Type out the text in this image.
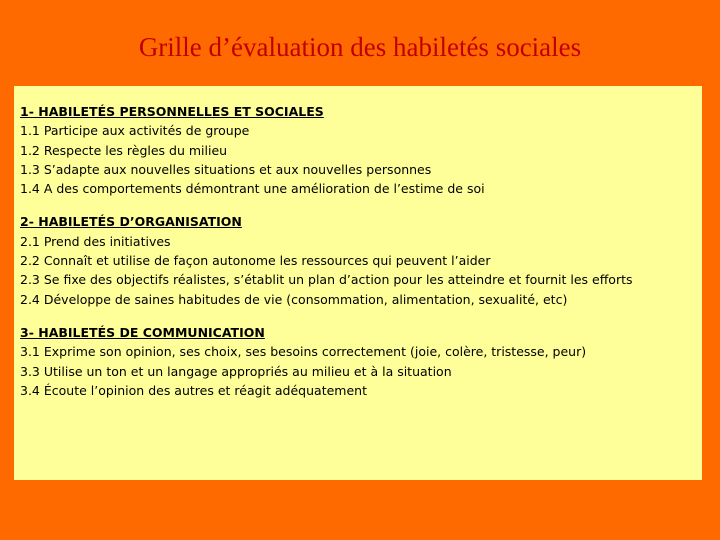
Grille d’évaluation des habiletés sociales
1- HABILETÉS PERSONNELLES ET SOCIALES
1.1 Participe aux activités de groupe
1.2 Respecte les règles du milieu
1.3 S’adapte aux nouvelles situations et aux nouvelles personnes
1.4 A des comportements démontrant une amélioration de l’estime de soi
2- HABILETÉS D’ORGANISATION
2.1 Prend des initiatives
2.2 Connaît et utilise de façon autonome les ressources qui peuvent l’aider
2.3 Se fixe des objectifs réalistes, s’établit un plan d’action pour les atteindre et fournit les efforts
2.4 Développe de saines habitudes de vie (consommation, alimentation, sexualité, etc)
3- HABILETÉS DE COMMUNICATION
3.1 Exprime son opinion, ses choix, ses besoins correctement (joie, colère, tristesse, peur)
3.3 Utilise un ton et un langage appropriés au milieu et à la situation
3.4 Écoute l’opinion des autres et réagit adéquatement
